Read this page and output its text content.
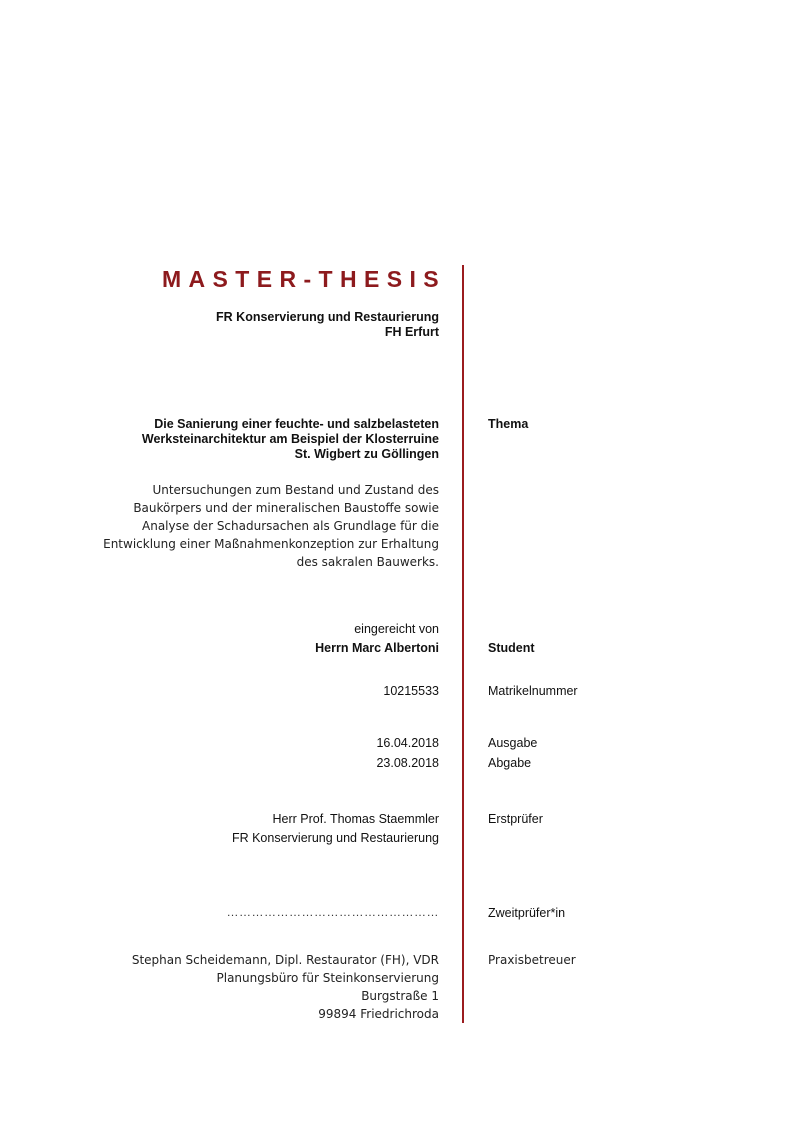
MASTER-THESIS
FR Konservierung und Restaurierung
FH Erfurt
Die Sanierung einer feuchte- und salzbelasteten
Werksteinarchitektur am Beispiel der Klosterruine
St. Wigbert zu Göllingen
Thema
Untersuchungen zum Bestand und Zustand des
Baukörpers und der mineralischen Baustoffe sowie
Analyse der Schadursachen als Grundlage für die
Entwicklung einer Maßnahmenkonzeption zur Erhaltung
des sakralen Bauwerks.
eingereicht von
Herrn Marc Albertoni	Student
10215533	Matrikelnummer
16.04.2018	Ausgabe
23.08.2018	Abgabe
Herr Prof. Thomas Staemmler	Erstprüfer
FR Konservierung und Restaurierung
……………………………………………	Zweitprüfer*in
Stephan Scheidemann, Dipl. Restaurator (FH), VDR	Praxisbetreuer
Planungsbüro für Steinkonservierung
Burgstraße 1
99894 Friedrichroda
